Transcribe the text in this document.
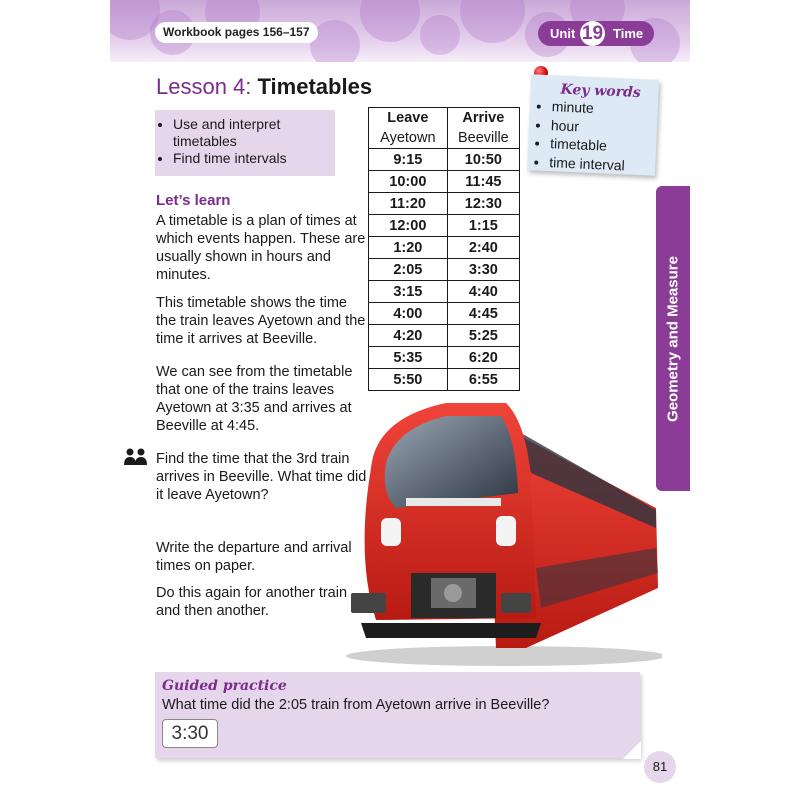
Workbook pages 156–157	Unit 19 Time
Lesson 4: Timetables
• Use and interpret timetables
• Find time intervals
Let’s learn
A timetable is a plan of times at which events happen. These are usually shown in hours and minutes.
This timetable shows the time the train leaves Ayetown and the time it arrives at Beeville.
We can see from the timetable that one of the trains leaves Ayetown at 3:35 and arrives at Beeville at 4:45.
Find the time that the 3rd train arrives in Beeville. What time did it leave Ayetown?
Write the departure and arrival times on paper.
Do this again for another train and then another.
Leave	Arrive
Ayetown	Beeville
9:15	10:50
10:00	11:45
11:20	12:30
12:00	1:15
1:20	2:40
2:05	3:30
3:15	4:40
4:00	4:45
4:20	5:25
5:35	6:20
5:50	6:55
Key words
• minute
• hour
• timetable
• time interval
Geometry and Measure
Guided practice
What time did the 2:05 train from Ayetown arrive in Beeville?
3:30
81
